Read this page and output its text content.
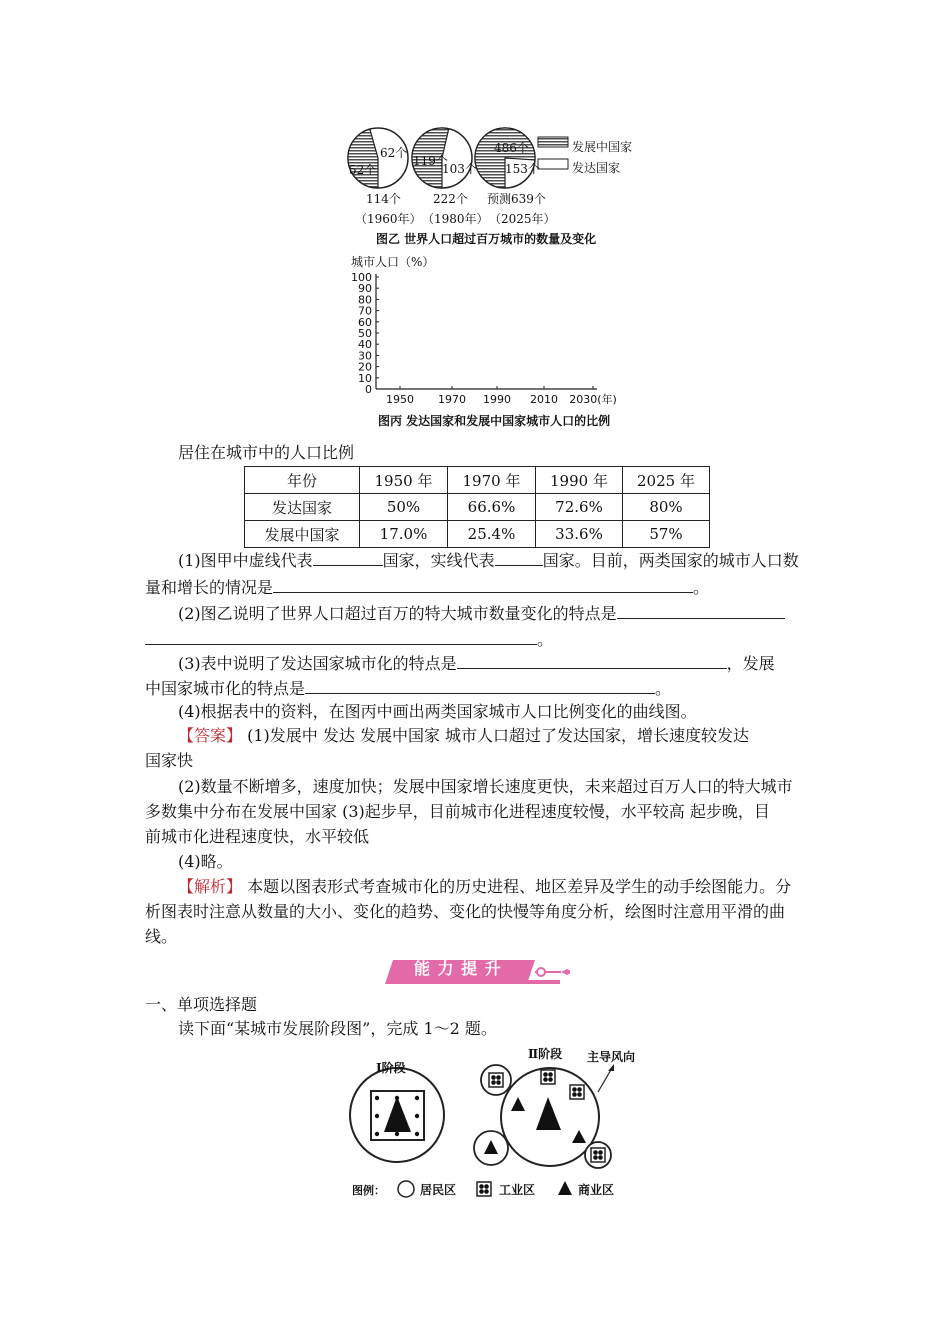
发展中国家
发达国家
62个
52个
119个
103个
486个
153个
114个	222个 预测639个
（1960年） （1980年） （2025年）
图乙 世界人口超过百万城市的数量及变化
城市人口（%）
100
90
80
70
60
50
40
30
20
10
0
1950 1970 1990 2010 2030(年)
图丙 发达国家和发展中国家城市人口的比例
居住在城市中的人口比例
年份	1950 年	1970 年	1990 年	2025 年
发达国家	50%	66.6%	72.6%	80%
发展中国家	17.0%	25.4%	33.6%	57%
(1)图甲中虚线代表	国家，实线代表	国家。目前，两类国家的城市人口数
量和增长的情况是	。
(2)图乙说明了世界人口超过百万的特大城市数量变化的特点是
。
(3)表中说明了发达国家城市化的特点是	，发展
中国家城市化的特点是	。
(4)根据表中的资料，在图丙中画出两类国家城市人口比例变化的曲线图。
【答案】 (1)发展中 发达 发展中国家 城市人口超过了发达国家，增长速度较发达
国家快
(2)数量不断增多，速度加快；发展中国家增长速度更快，未来超过百万人口的特大城市
多数集中分布在发展中国家 (3)起步早，目前城市化进程速度较慢，水平较高 起步晚，目
前城市化进程速度快，水平较低
(4)略。
【解析】 本题以图表形式考查城市化的历史进程、地区差异及学生的动手绘图能力。分
析图表时注意从数量的大小、变化的趋势、变化的快慢等角度分析，绘图时注意用平滑的曲
线。
能 力 提 升
一、单项选择题
读下面“某城市发展阶段图”，完成 1～2 题。
Ⅰ阶段
Ⅱ阶段 主导风向
图例：	居民区	工业区	商业区
